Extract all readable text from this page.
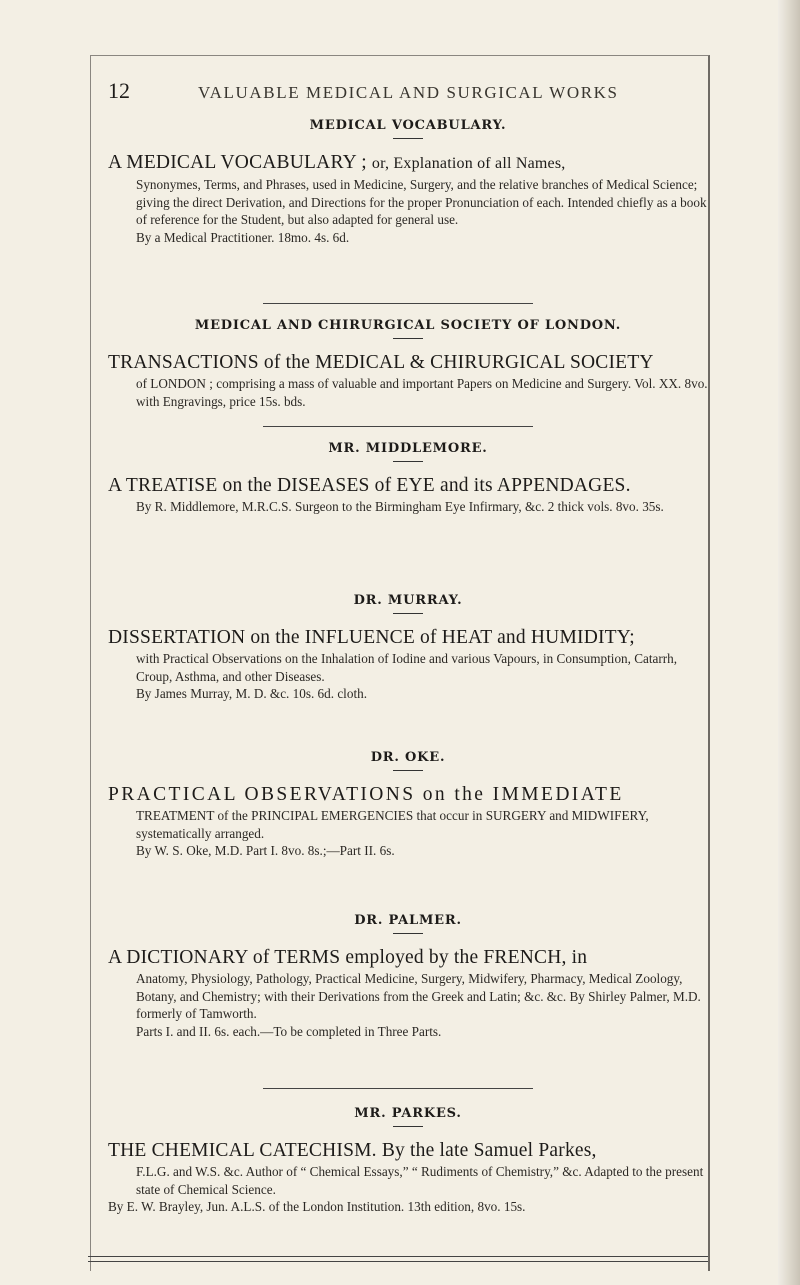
12	VALUABLE MEDICAL AND SURGICAL WORKS
MEDICAL VOCABULARY.
A MEDICAL VOCABULARY ; or, Explanation of all Names,
Synonymes, Terms, and Phrases, used in Medicine, Surgery, and the relative branches of Medical Science; giving the direct Derivation, and Directions for the proper Pronunciation of each. Intended chiefly as a book of reference for the Student, but also adapted for general use.
By a Medical Practitioner. 18mo. 4s. 6d.
MEDICAL AND CHIRURGICAL SOCIETY OF LONDON.
TRANSACTIONS of the MEDICAL & CHIRURGICAL SOCIETY
of LONDON ; comprising a mass of valuable and important Papers on Medicine and Surgery. Vol. XX. 8vo. with Engravings, price 15s. bds.
MR. MIDDLEMORE.
A TREATISE on the DISEASES of EYE and its APPENDAGES.
By R. Middlemore, M.R.C.S. Surgeon to the Birmingham Eye Infirmary, &c. 2 thick vols. 8vo. 35s.
DR. MURRAY.
DISSERTATION on the INFLUENCE of HEAT and HUMIDITY;
with Practical Observations on the Inhalation of Iodine and various Vapours, in Consumption, Catarrh, Croup, Asthma, and other Diseases.
By James Murray, M. D. &c. 10s. 6d. cloth.
DR. OKE.
PRACTICAL OBSERVATIONS on the IMMEDIATE
TREATMENT of the PRINCIPAL EMERGENCIES that occur in SURGERY and MIDWIFERY, systematically arranged.
By W. S. Oke, M.D. Part I. 8vo. 8s.;—Part II. 6s.
DR. PALMER.
A DICTIONARY of TERMS employed by the FRENCH, in
Anatomy, Physiology, Pathology, Practical Medicine, Surgery, Midwifery, Pharmacy, Medical Zoology, Botany, and Chemistry; with their Derivations from the Greek and Latin; &c. &c. By Shirley Palmer, M.D. formerly of Tamworth.
Parts I. and II. 6s. each.—To be completed in Three Parts.
MR. PARKES.
THE CHEMICAL CATECHISM. By the late Samuel Parkes,
F.L.G. and W.S. &c. Author of “ Chemical Essays,” “ Rudiments of Chemistry,” &c. Adapted to the present state of Chemical Science.
By E. W. Brayley, Jun. A.L.S. of the London Institution. 13th edition, 8vo. 15s.
